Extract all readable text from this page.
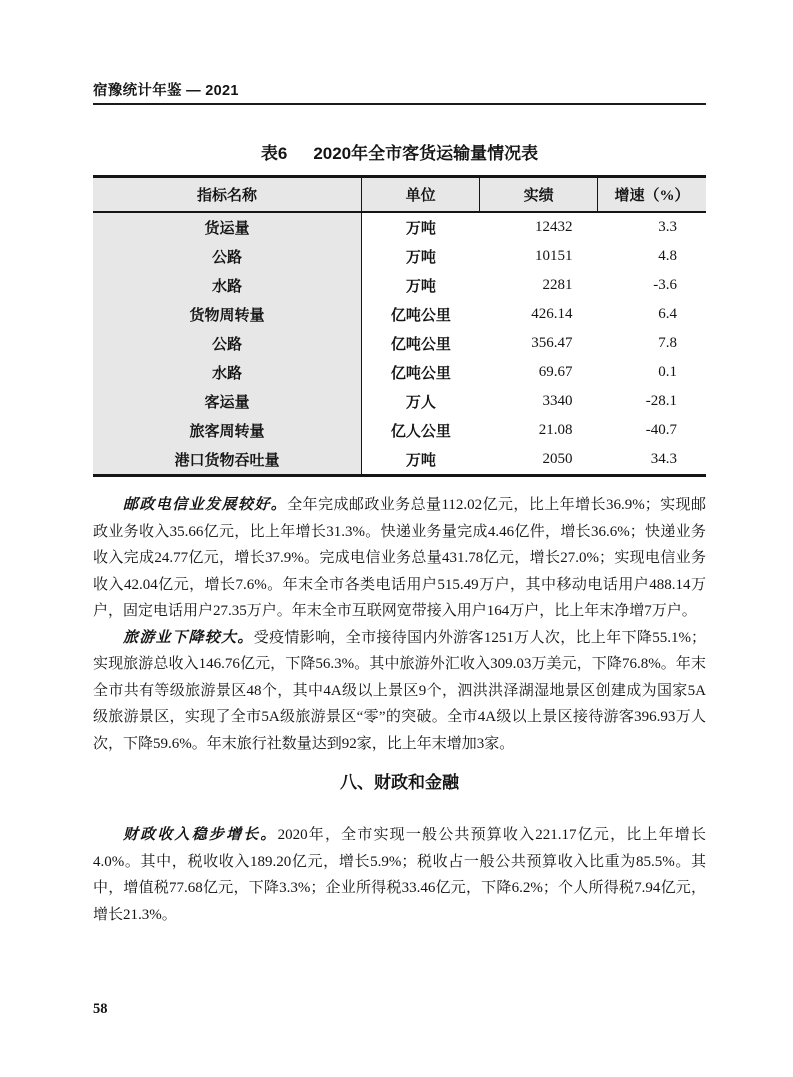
宿豫统计年鉴 — 2021
表6 2020年全市客货运输量情况表
指标名称	单位	实绩	增速（%）
货运量	万吨	12432	3.3
公路	万吨	10151	4.8
水路	万吨	2281	-3.6
货物周转量	亿吨公里	426.14	6.4
公路	亿吨公里	356.47	7.8
水路	亿吨公里	69.67	0.1
客运量	万人	3340	-28.1
旅客周转量	亿人公里	21.08	-40.7
港口货物吞吐量	万吨	2050	34.3

邮政电信业发展较好。全年完成邮政业务总量112.02亿元，比上年增长36.9%；实现邮政业务收入35.66亿元，比上年增长31.3%。快递业务量完成4.46亿件，增长36.6%；快递业务收入完成24.77亿元，增长37.9%。完成电信业务总量431.78亿元，增长27.0%；实现电信业务收入42.04亿元，增长7.6%。年末全市各类电话用户515.49万户，其中移动电话用户488.14万户，固定电话用户27.35万户。年末全市互联网宽带接入用户164万户，比上年末净增7万户。

旅游业下降较大。受疫情影响，全市接待国内外游客1251万人次，比上年下降55.1%；实现旅游总收入146.76亿元，下降56.3%。其中旅游外汇收入309.03万美元，下降76.8%。年末全市共有等级旅游景区48个，其中4A级以上景区9个，泗洪洪泽湖湿地景区创建成为国家5A级旅游景区，实现了全市5A级旅游景区“零”的突破。全市4A级以上景区接待游客396.93万人次，下降59.6%。年末旅行社数量达到92家，比上年末增加3家。

八、财政和金融

财政收入稳步增长。2020年，全市实现一般公共预算收入221.17亿元，比上年增长4.0%。其中，税收收入189.20亿元，增长5.9%；税收占一般公共预算收入比重为85.5%。其中，增值税77.68亿元，下降3.3%；企业所得税33.46亿元，下降6.2%；个人所得税7.94亿元，增长21.3%。

58
